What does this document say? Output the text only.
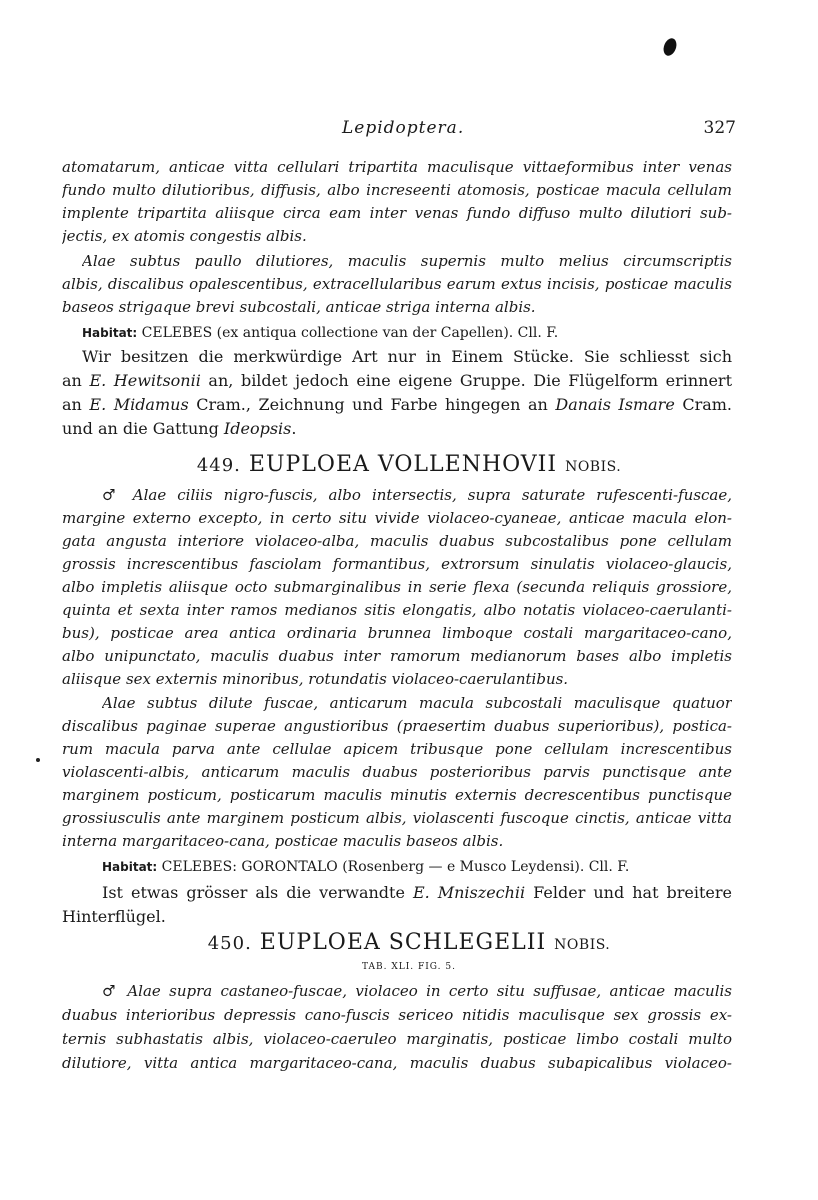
Lepidoptera.	327
atomatarum, anticae vitta cellulari tripartita maculisque vittaeformibus inter venas
fundo multo dilutioribus, diffusis, albo increseenti atomosis, posticae macula cellulam
implente tripartita aliisque circa eam inter venas fundo diffuso multo dilutiori sub-
jectis, ex atomis congestis albis.
Alae subtus paullo dilutiores, maculis supernis multo melius circumscriptis
albis, discalibus opalescentibus, extracellularibus earum extus incisis, posticae maculis
baseos strigaque brevi subcostali, anticae striga interna albis.
Habitat: CELEBES (ex antiqua collectione van der Capellen). Cll. F.
Wir besitzen die merkwürdige Art nur in Einem Stücke. Sie schliesst sich
an E. Hewitsonii an, bildet jedoch eine eigene Gruppe. Die Flügelform erinnert
an E. Midamus Cram., Zeichnung und Farbe hingegen an Danais Ismare Cram.
und an die Gattung Ideopsis.
449. EUPLOEA VOLLENHOVII NOBIS.
♂ Alae ciliis nigro-fuscis, albo intersectis, supra saturate rufescenti-fuscae,
margine externo excepto, in certo situ vivide violaceo-cyaneae, anticae macula elon-
gata angusta interiore violaceo-alba, maculis duabus subcostalibus pone cellulam
grossis increscentibus fasciolam formantibus, extrorsum sinulatis violaceo-glaucis,
albo impletis aliisque octo submarginalibus in serie flexa (secunda reliquis grossiore,
quinta et sexta inter ramos medianos sitis elongatis, albo notatis violaceo-caerulanti-
bus), posticae area antica ordinaria brunnea limboque costali margaritaceo-cano,
albo unipunctato, maculis duabus inter ramorum medianorum bases albo impletis
aliisque sex externis minoribus, rotundatis violaceo-caerulantibus.
Alae subtus dilute fuscae, anticarum macula subcostali maculisque quatuor
discalibus paginae superae angustioribus (praesertim duabus superioribus), postica-
rum macula parva ante cellulae apicem tribusque pone cellulam increscentibus
violascenti-albis, anticarum maculis duabus posterioribus parvis punctisque ante
marginem posticum, posticarum maculis minutis externis decrescentibus punctisque
grossiusculis ante marginem posticum albis, violascenti fuscoque cinctis, anticae vitta
interna margaritaceo-cana, posticae maculis baseos albis.
Habitat: CELEBES: GORONTALO (Rosenberg — e Musco Leydensi). Cll. F.
Ist etwas grösser als die verwandte E. Mniszechii Felder und hat breitere
Hinterflügel.
450. EUPLOEA SCHLEGELII NOBIS.
TAB. XLI. FIG. 5.
♂ Alae supra castaneo-fuscae, violaceo in certo situ suffusae, anticae maculis
duabus interioribus depressis cano-fuscis sericeo nitidis maculisque sex grossis ex-
ternis subhastatis albis, violaceo-caeruleo marginatis, posticae limbo costali multo
dilutiore, vitta antica margaritaceo-cana, maculis duabus subapicalibus violaceo-
